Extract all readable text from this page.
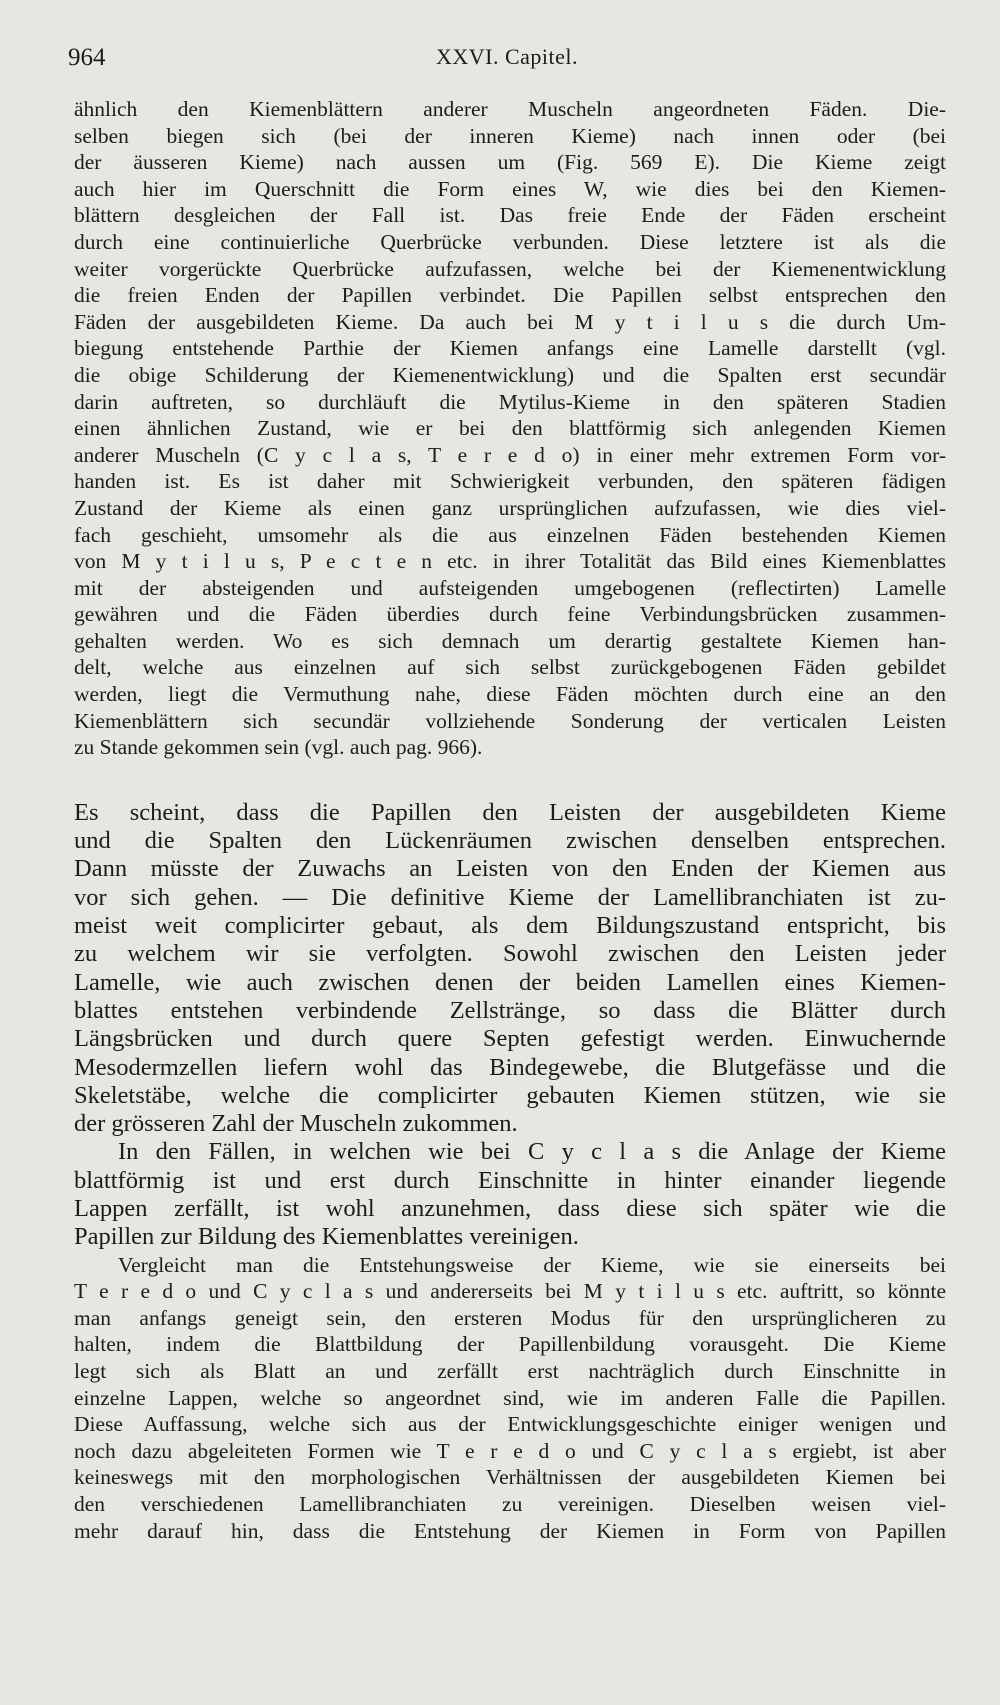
964	XXVI. Capitel.
ähnlich den Kiemenblättern anderer Muscheln angeordneten Fäden. Die-
selben biegen sich (bei der inneren Kieme) nach innen oder (bei
der äusseren Kieme) nach aussen um (Fig. 569 E). Die Kieme zeigt
auch hier im Querschnitt die Form eines W, wie dies bei den Kiemen-
blättern desgleichen der Fall ist. Das freie Ende der Fäden erscheint
durch eine continuierliche Querbrücke verbunden. Diese letztere ist als die
weiter vorgerückte Querbrücke aufzufassen, welche bei der Kiemenentwicklung
die freien Enden der Papillen verbindet. Die Papillen selbst entsprechen den
Fäden der ausgebildeten Kieme. Da auch bei M y t i l u s die durch Um-
biegung entstehende Parthie der Kiemen anfangs eine Lamelle darstellt (vgl.
die obige Schilderung der Kiemenentwicklung) und die Spalten erst secundär
darin auftreten, so durchläuft die Mytilus-Kieme in den späteren Stadien
einen ähnlichen Zustand, wie er bei den blattförmig sich anlegenden Kiemen
anderer Muscheln (C y c l a s, T e r e d o) in einer mehr extremen Form vor-
handen ist. Es ist daher mit Schwierigkeit verbunden, den späteren fädigen
Zustand der Kieme als einen ganz ursprünglichen aufzufassen, wie dies viel-
fach geschieht, umsomehr als die aus einzelnen Fäden bestehenden Kiemen
von M y t i l u s, P e c t e n etc. in ihrer Totalität das Bild eines Kiemenblattes
mit der absteigenden und aufsteigenden umgebogenen (reflectirten) Lamelle
gewähren und die Fäden überdies durch feine Verbindungsbrücken zusammen-
gehalten werden. Wo es sich demnach um derartig gestaltete Kiemen han-
delt, welche aus einzelnen auf sich selbst zurückgebogenen Fäden gebildet
werden, liegt die Vermuthung nahe, diese Fäden möchten durch eine an den
Kiemenblättern sich secundär vollziehende Sonderung der verticalen Leisten
zu Stande gekommen sein (vgl. auch pag. 966).
Es scheint, dass die Papillen den Leisten der ausgebildeten Kieme
und die Spalten den Lückenräumen zwischen denselben entsprechen.
Dann müsste der Zuwachs an Leisten von den Enden der Kiemen aus
vor sich gehen. — Die definitive Kieme der Lamellibranchiaten ist zu-
meist weit complicirter gebaut, als dem Bildungszustand entspricht, bis
zu welchem wir sie verfolgten. Sowohl zwischen den Leisten jeder
Lamelle, wie auch zwischen denen der beiden Lamellen eines Kiemen-
blattes entstehen verbindende Zellstränge, so dass die Blätter durch
Längsbrücken und durch quere Septen gefestigt werden. Einwuchernde
Mesodermzellen liefern wohl das Bindegewebe, die Blutgefässe und die
Skeletstäbe, welche die complicirter gebauten Kiemen stützen, wie sie
der grösseren Zahl der Muscheln zukommen.
In den Fällen, in welchen wie bei C y c l a s die Anlage der Kieme
blattförmig ist und erst durch Einschnitte in hinter einander liegende
Lappen zerfällt, ist wohl anzunehmen, dass diese sich später wie die
Papillen zur Bildung des Kiemenblattes vereinigen.
Vergleicht man die Entstehungsweise der Kieme, wie sie einerseits bei
T e r e d o und C y c l a s und andererseits bei M y t i l u s etc. auftritt, so könnte
man anfangs geneigt sein, den ersteren Modus für den ursprünglicheren zu
halten, indem die Blattbildung der Papillenbildung vorausgeht. Die Kieme
legt sich als Blatt an und zerfällt erst nachträglich durch Einschnitte in
einzelne Lappen, welche so angeordnet sind, wie im anderen Falle die Papillen.
Diese Auffassung, welche sich aus der Entwicklungsgeschichte einiger wenigen und
noch dazu abgeleiteten Formen wie T e r e d o und C y c l a s ergiebt, ist aber
keineswegs mit den morphologischen Verhältnissen der ausgebildeten Kiemen bei
den verschiedenen Lamellibranchiaten zu vereinigen. Dieselben weisen viel-
mehr darauf hin, dass die Entstehung der Kiemen in Form von Papillen
